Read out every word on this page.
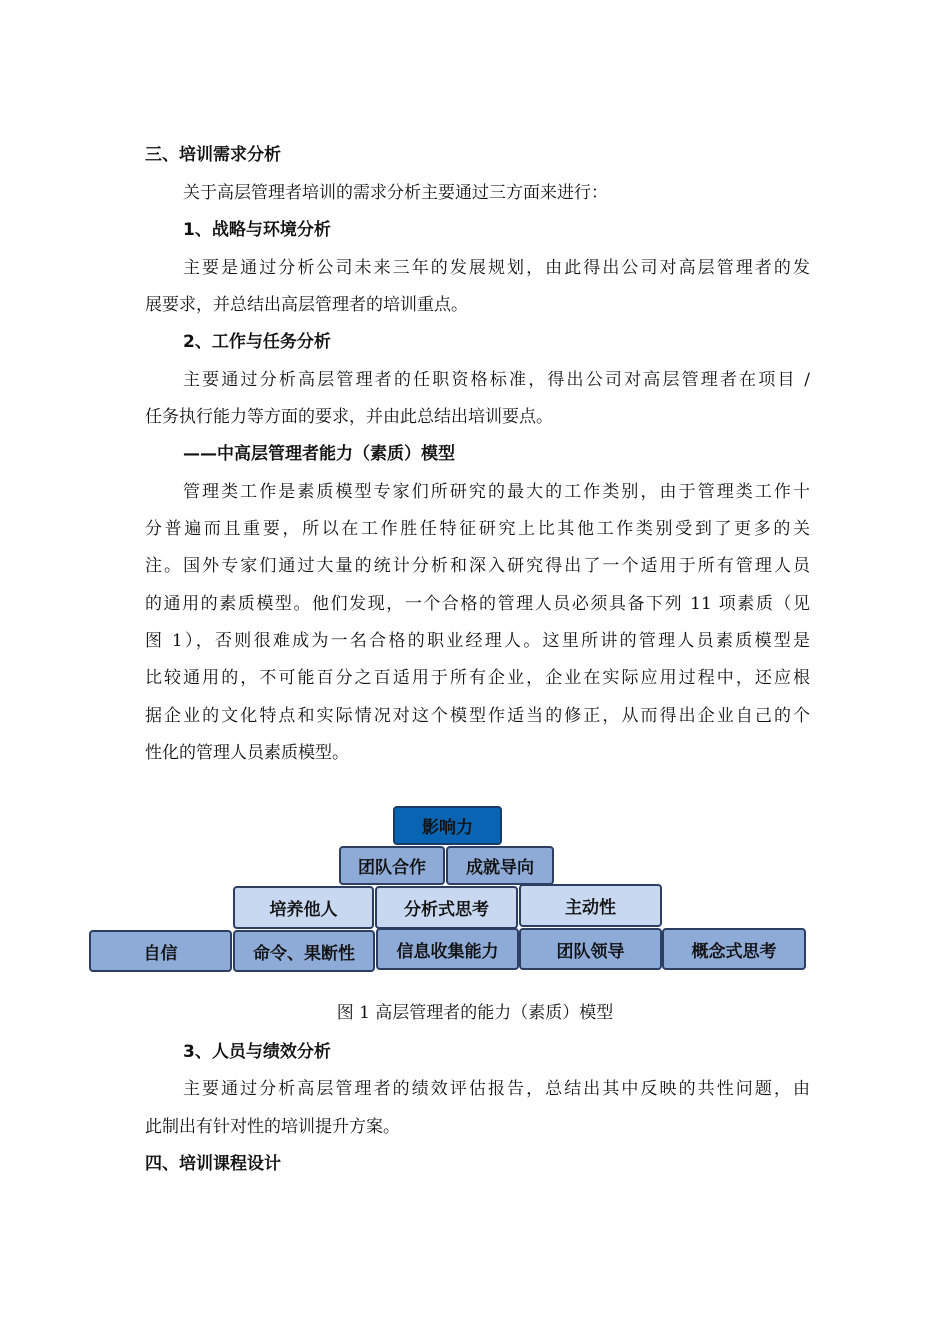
三、培训需求分析
关于高层管理者培训的需求分析主要通过三方面来进行：
1、战略与环境分析
主要是通过分析公司未来三年的发展规划，由此得出公司对高层管理者的发
展要求，并总结出高层管理者的培训重点。
2、工作与任务分析
主要通过分析高层管理者的任职资格标准，得出公司对高层管理者在项目 /
任务执行能力等方面的要求，并由此总结出培训要点。
——中高层管理者能力（素质）模型
管理类工作是素质模型专家们所研究的最大的工作类别，由于管理类工作十
分普遍而且重要，所以在工作胜任特征研究上比其他工作类别受到了更多的关
注。国外专家们通过大量的统计分析和深入研究得出了一个适用于所有管理人员
的通用的素质模型。他们发现，一个合格的管理人员必须具备下列 11 项素质（见
图 1），否则很难成为一名合格的职业经理人。这里所讲的管理人员素质模型是
比较通用的，不可能百分之百适用于所有企业，企业在实际应用过程中，还应根
据企业的文化特点和实际情况对这个模型作适当的修正，从而得出企业自己的个
性化的管理人员素质模型。
影响力
团队合作	成就导向
培养他人	分析式思考	主动性
自信	命令、果断性	信息收集能力	团队领导	概念式思考
图 1 高层管理者的能力（素质）模型
3、人员与绩效分析
主要通过分析高层管理者的绩效评估报告，总结出其中反映的共性问题，由
此制出有针对性的培训提升方案。
四、培训课程设计
